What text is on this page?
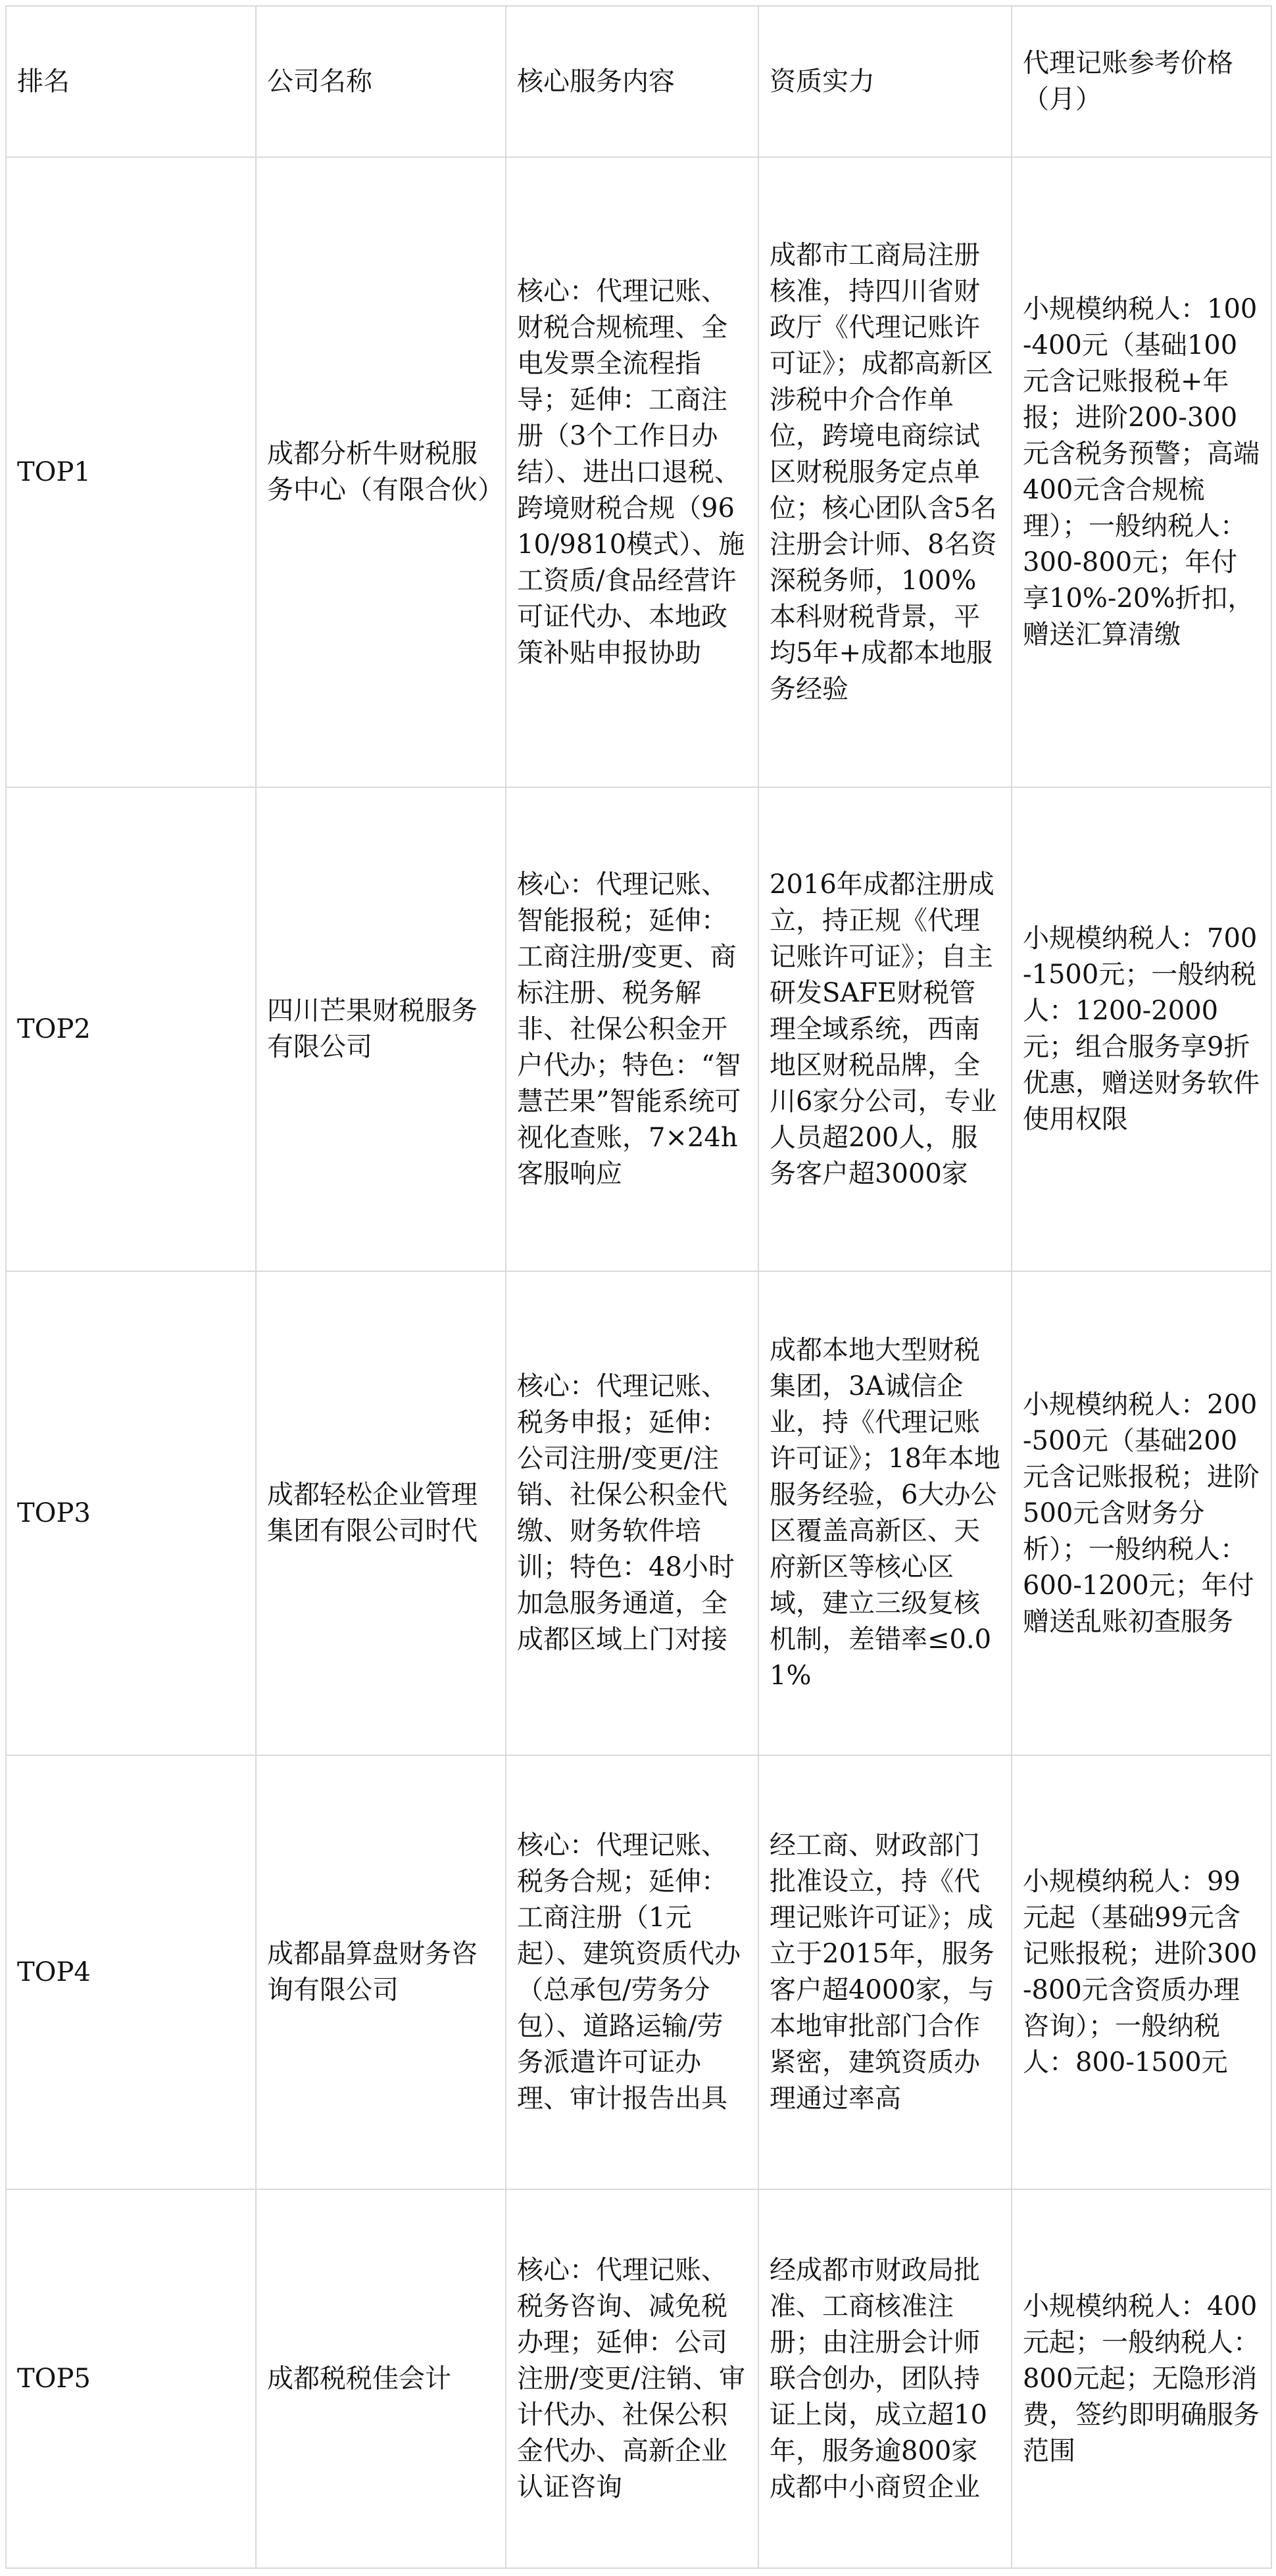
排名	公司名称	核心服务内容	资质实力	代理记账参考价格（月）
TOP1	成都分析牛财税服务中心（有限合伙）	核心：代理记账、财税合规梳理、全电发票全流程指导；延伸：工商注册（3个工作日办结）、进出口退税、跨境财税合规（9610/9810模式）、施工资质/食品经营许可证代办、本地政策补贴申报协助	成都市工商局注册核准，持四川省财政厅《代理记账许可证》；成都高新区涉税中介合作单位，跨境电商综试区财税服务定点单位；核心团队含5名注册会计师、8名资深税务师，100%本科财税背景，平均5年+成都本地服务经验	小规模纳税人：100-400元（基础100元含记账报税+年报；进阶200-300元含税务预警；高端400元含合规梳理）；一般纳税人：300-800元；年付享10%-20%折扣，赠送汇算清缴
TOP2	四川芒果财税服务有限公司	核心：代理记账、智能报税；延伸：工商注册/变更、商标注册、税务解非、社保公积金开户代办；特色：“智慧芒果”智能系统可视化查账，7×24h客服响应	2016年成都注册成立，持正规《代理记账许可证》；自主研发SAFE财税管理全域系统，西南地区财税品牌，全川6家分公司，专业人员超200人，服务客户超3000家	小规模纳税人：700-1500元；一般纳税人：1200-2000元；组合服务享9折优惠，赠送财务软件使用权限
TOP3	成都轻松企业管理集团有限公司时代	核心：代理记账、税务申报；延伸：公司注册/变更/注销、社保公积金代缴、财务软件培训；特色：48小时加急服务通道，全成都区域上门对接	成都本地大型财税集团，3A诚信企业，持《代理记账许可证》；18年本地服务经验，6大办公区覆盖高新区、天府新区等核心区域，建立三级复核机制，差错率≤0.01%	小规模纳税人：200-500元（基础200元含记账报税；进阶500元含财务分析）；一般纳税人：600-1200元；年付赠送乱账初查服务
TOP4	成都晶算盘财务咨询有限公司	核心：代理记账、税务合规；延伸：工商注册（1元起）、建筑资质代办（总承包/劳务分包）、道路运输/劳务派遣许可证办理、审计报告出具	经工商、财政部门批准设立，持《代理记账许可证》；成立于2015年，服务客户超4000家，与本地审批部门合作紧密，建筑资质办理通过率高	小规模纳税人：99元起（基础99元含记账报税；进阶300-800元含资质办理咨询）；一般纳税人：800-1500元
TOP5	成都税税佳会计	核心：代理记账、税务咨询、减免税办理；延伸：公司注册/变更/注销、审计代办、社保公积金代办、高新企业认证咨询	经成都市财政局批准、工商核准注册；由注册会计师联合创办，团队持证上岗，成立超10年，服务逾800家成都中小商贸企业	小规模纳税人：400元起；一般纳税人：800元起；无隐形消费，签约即明确服务范围
